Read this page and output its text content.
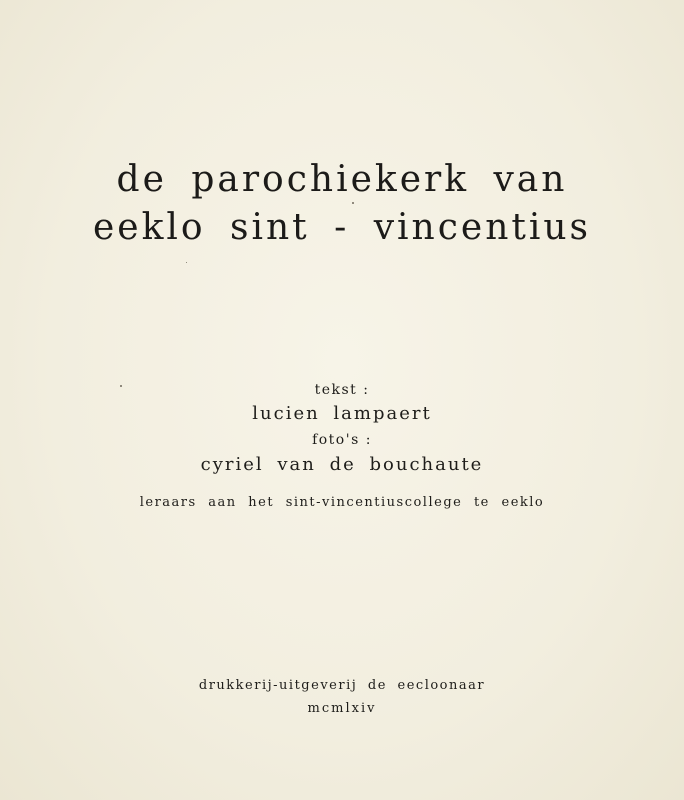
de parochiekerk van
eeklo sint - vincentius
tekst :
lucien lampaert
foto's :
cyriel van de bouchaute
leraars aan het sint-vincentiuscollege te eeklo
drukkerij-uitgeverij de eecloonaar
mcmlxiv
